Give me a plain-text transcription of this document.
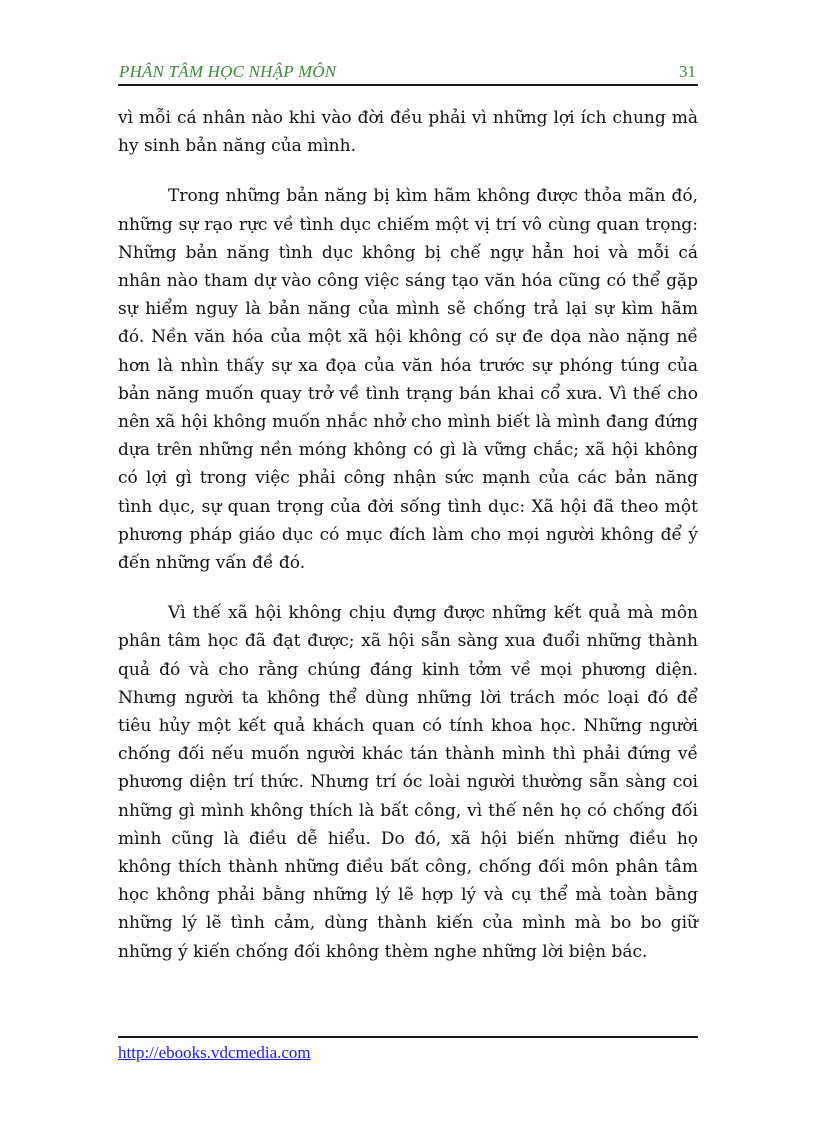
PHÂN TÂM HỌC NHẬP MÔN	31

vì mỗi cá nhân nào khi vào đời đều phải vì những lợi ích chung mà hy sinh bản năng của mình.

Trong những bản năng bị kìm hãm không được thỏa mãn đó, những sự rạo rực về tình dục chiếm một vị trí vô cùng quan trọng: Những bản năng tình dục không bị chế ngự hẳn hoi và mỗi cá nhân nào tham dự vào công việc sáng tạo văn hóa cũng có thể gặp sự hiểm nguy là bản năng của mình sẽ chống trả lại sự kìm hãm đó. Nền văn hóa của một xã hội không có sự đe dọa nào nặng nề hơn là nhìn thấy sự xa đọa của văn hóa trước sự phóng túng của bản năng muốn quay trở về tình trạng bán khai cổ xưa. Vì thế cho nên xã hội không muốn nhắc nhở cho mình biết là mình đang đứng dựa trên những nền móng không có gì là vững chắc; xã hội không có lợi gì trong việc phải công nhận sức mạnh của các bản năng tình dục, sự quan trọng của đời sống tình dục: Xã hội đã theo một phương pháp giáo dục có mục đích làm cho mọi người không để ý đến những vấn đề đó.

Vì thế xã hội không chịu đựng được những kết quả mà môn phân tâm học đã đạt được; xã hội sẵn sàng xua đuổi những thành quả đó và cho rằng chúng đáng kinh tởm về mọi phương diện. Nhưng người ta không thể dùng những lời trách móc loại đó để tiêu hủy một kết quả khách quan có tính khoa học. Những người chống đối nếu muốn người khác tán thành mình thì phải đứng về phương diện trí thức. Nhưng trí óc loài người thường sẵn sàng coi những gì mình không thích là bất công, vì thế nên họ có chống đối mình cũng là điều dễ hiểu. Do đó, xã hội biến những điều họ không thích thành những điều bất công, chống đối môn phân tâm học không phải bằng những lý lẽ hợp lý và cụ thể mà toàn bằng những lý lẽ tình cảm, dùng thành kiến của mình mà bo bo giữ những ý kiến chống đối không thèm nghe những lời biện bác.

http://ebooks.vdcmedia.com
